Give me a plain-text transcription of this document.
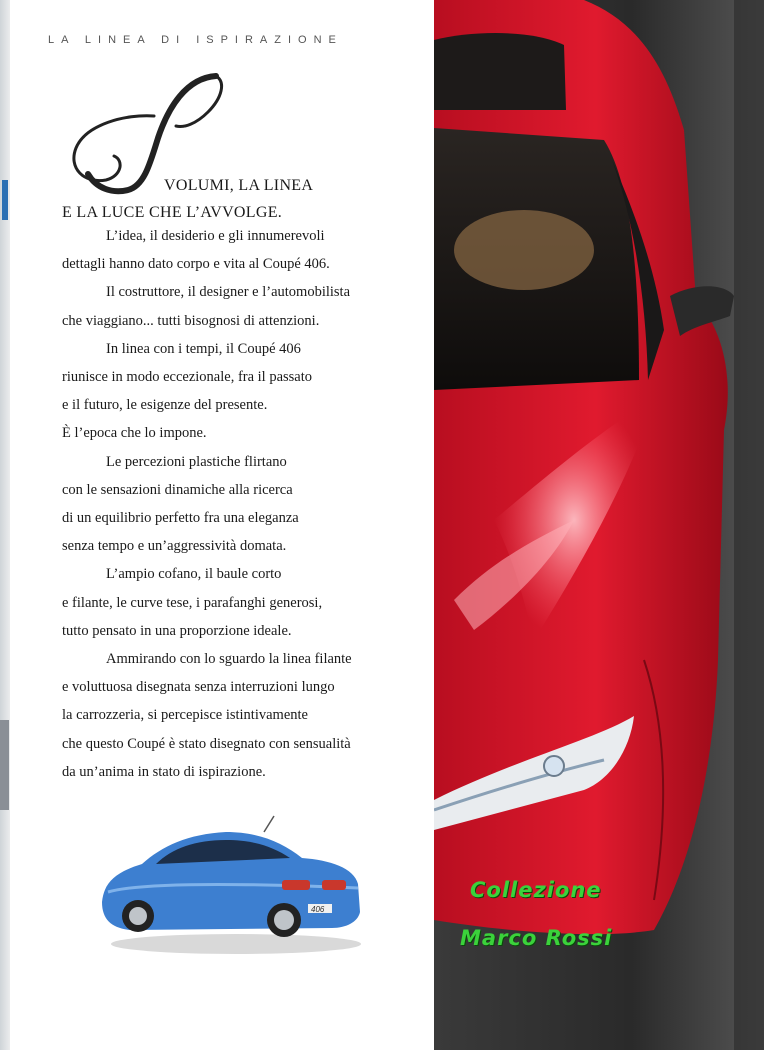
LA LINEA DI ISPIRAZIONE
VOLUMI, LA LINEA
E LA LUCE CHE L’AVVOLGE.

L’idea, il desiderio e gli innumerevoli
dettagli hanno dato corpo e vita al Coupé 406.

Il costruttore, il designer e l’automobilista
che viaggiano... tutti bisognosi di attenzioni.

In linea con i tempi, il Coupé 406
riunisce in modo eccezionale, fra il passato
e il futuro, le esigenze del presente.
È l’epoca che lo impone.

Le percezioni plastiche flirtano
con le sensazioni dinamiche alla ricerca
di un equilibrio perfetto fra una eleganza
senza tempo e un’aggressività domata.

L’ampio cofano, il baule corto
e filante, le curve tese, i parafanghi generosi,
tutto pensato in una proporzione ideale.

Ammirando con lo sguardo la linea filante
e voluttuosa disegnata senza interruzioni lungo
la carrozzeria, si percepisce istintivamente
che questo Coupé è stato disegnato con sensualità
da un’anima in stato di ispirazione.

406
Collezione
Marco Rossi
